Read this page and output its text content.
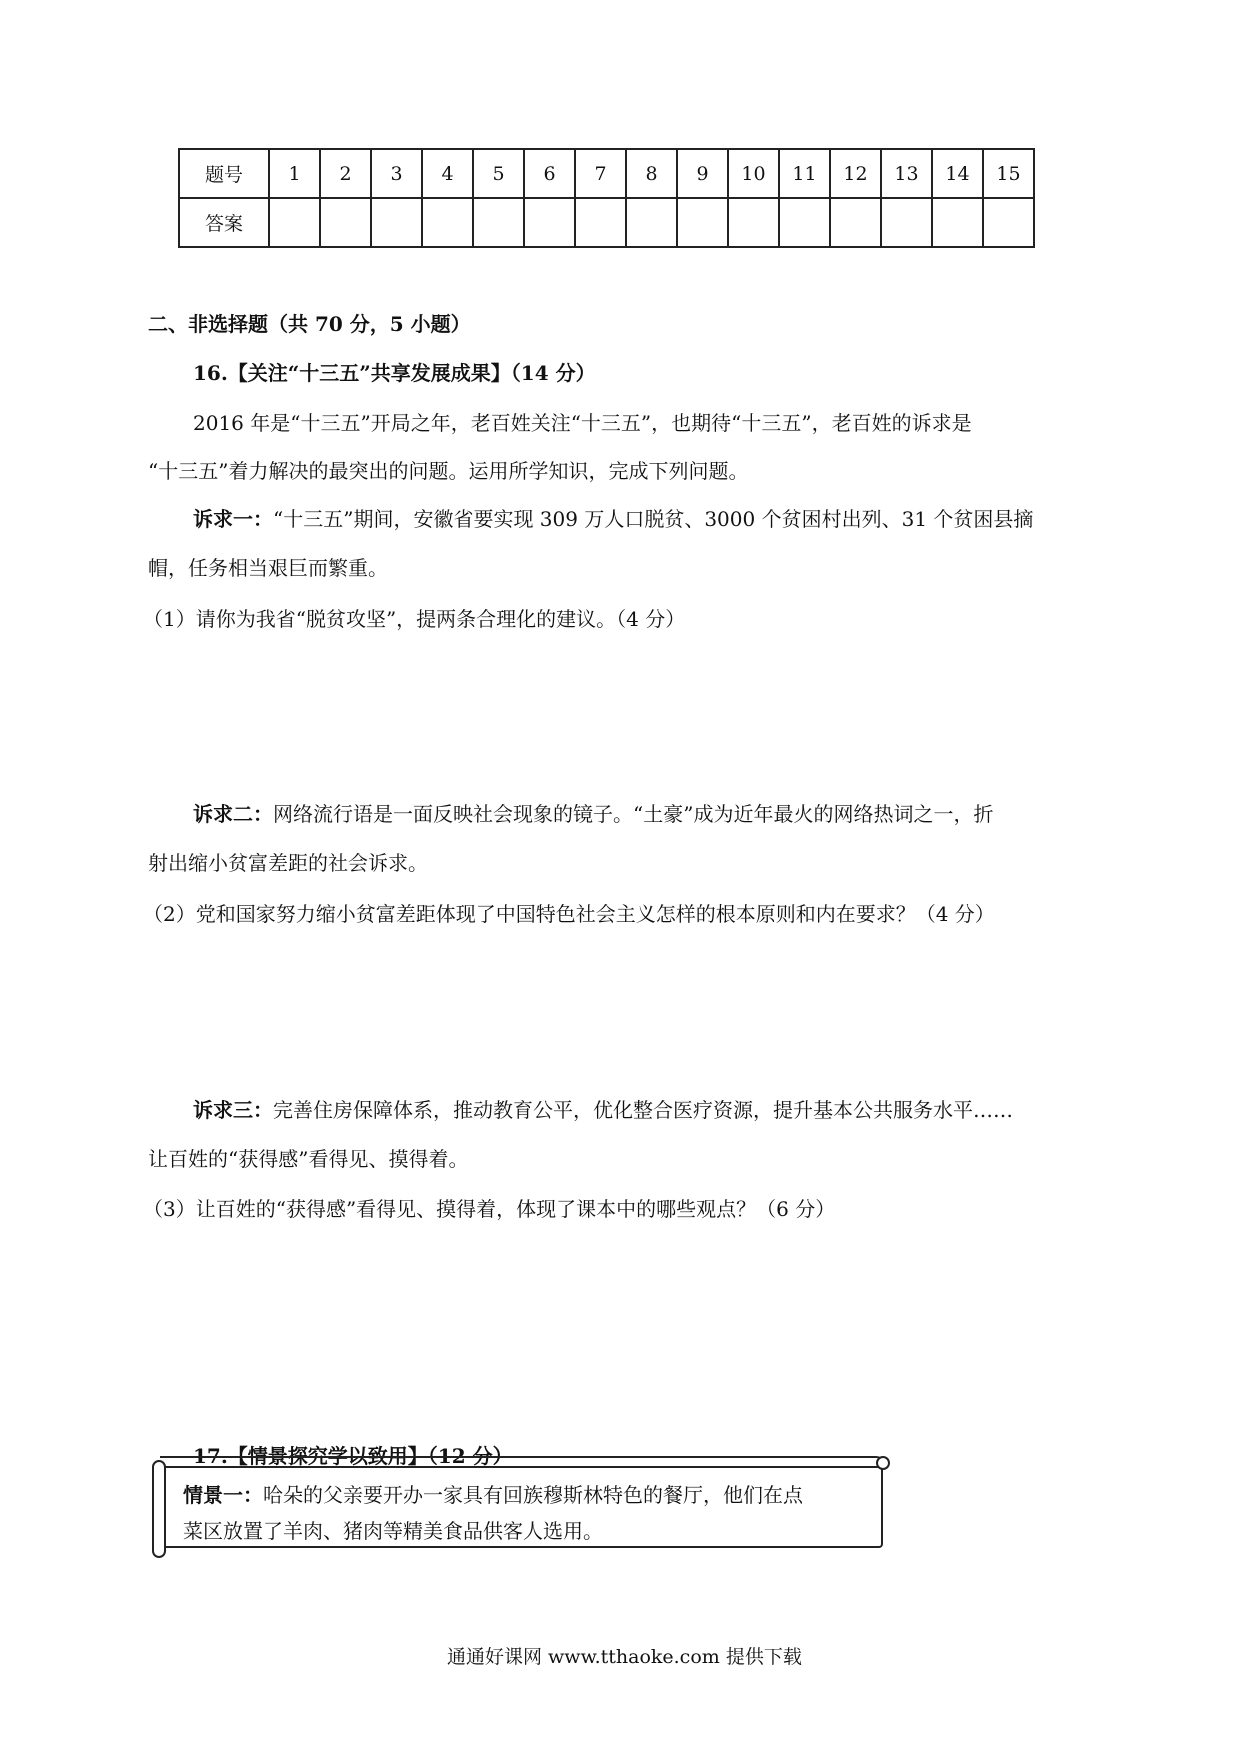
题号	1	2	3	4	5	6	7	8	9	10	11	12	13	14	15
答案															
二、非选择题（共 70 分，5 小题）
16.【关注“十三五”共享发展成果】（14 分）
2016 年是“十三五”开局之年，老百姓关注“十三五”，也期待“十三五”，老百姓的诉求是
“十三五”着力解决的最突出的问题。运用所学知识，完成下列问题。
诉求一：“十三五”期间，安徽省要实现 309 万人口脱贫、3000 个贫困村出列、31 个贫困县摘
帽，任务相当艰巨而繁重。
（1）请你为我省“脱贫攻坚”，提两条合理化的建议。（4 分）
诉求二：网络流行语是一面反映社会现象的镜子。“土豪”成为近年最火的网络热词之一，折
射出缩小贫富差距的社会诉求。
（2）党和国家努力缩小贫富差距体现了中国特色社会主义怎样的根本原则和内在要求？（4 分）
诉求三：完善住房保障体系，推动教育公平，优化整合医疗资源，提升基本公共服务水平……
让百姓的“获得感”看得见、摸得着。
（3）让百姓的“获得感”看得见、摸得着，体现了课本中的哪些观点？（6 分）
17.【情景探究学以致用】（12 分）
情景一：哈朵的父亲要开办一家具有回族穆斯林特色的餐厅，他们在点
菜区放置了羊肉、猪肉等精美食品供客人选用。
通通好课网 www.tthaoke.com 提供下载
